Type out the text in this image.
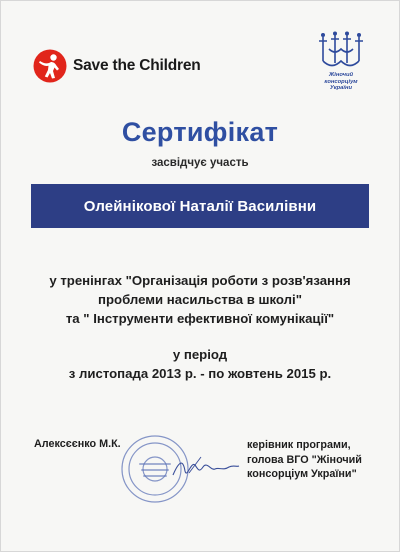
Save the Children
Жіночий
консорціум
України
Сертифікат
засвідчує участь
Олейнікової Наталії Василівни
у тренінгах "Організація роботи з розв'язання
проблеми насильства в школі"
та " Інструменти ефективної комунікації"
у період
з листопада 2013 р. - по жовтень 2015 р.
Алексєєнко М.К.	керівник програми,
голова ВГО "Жіночий
консорціум України"
